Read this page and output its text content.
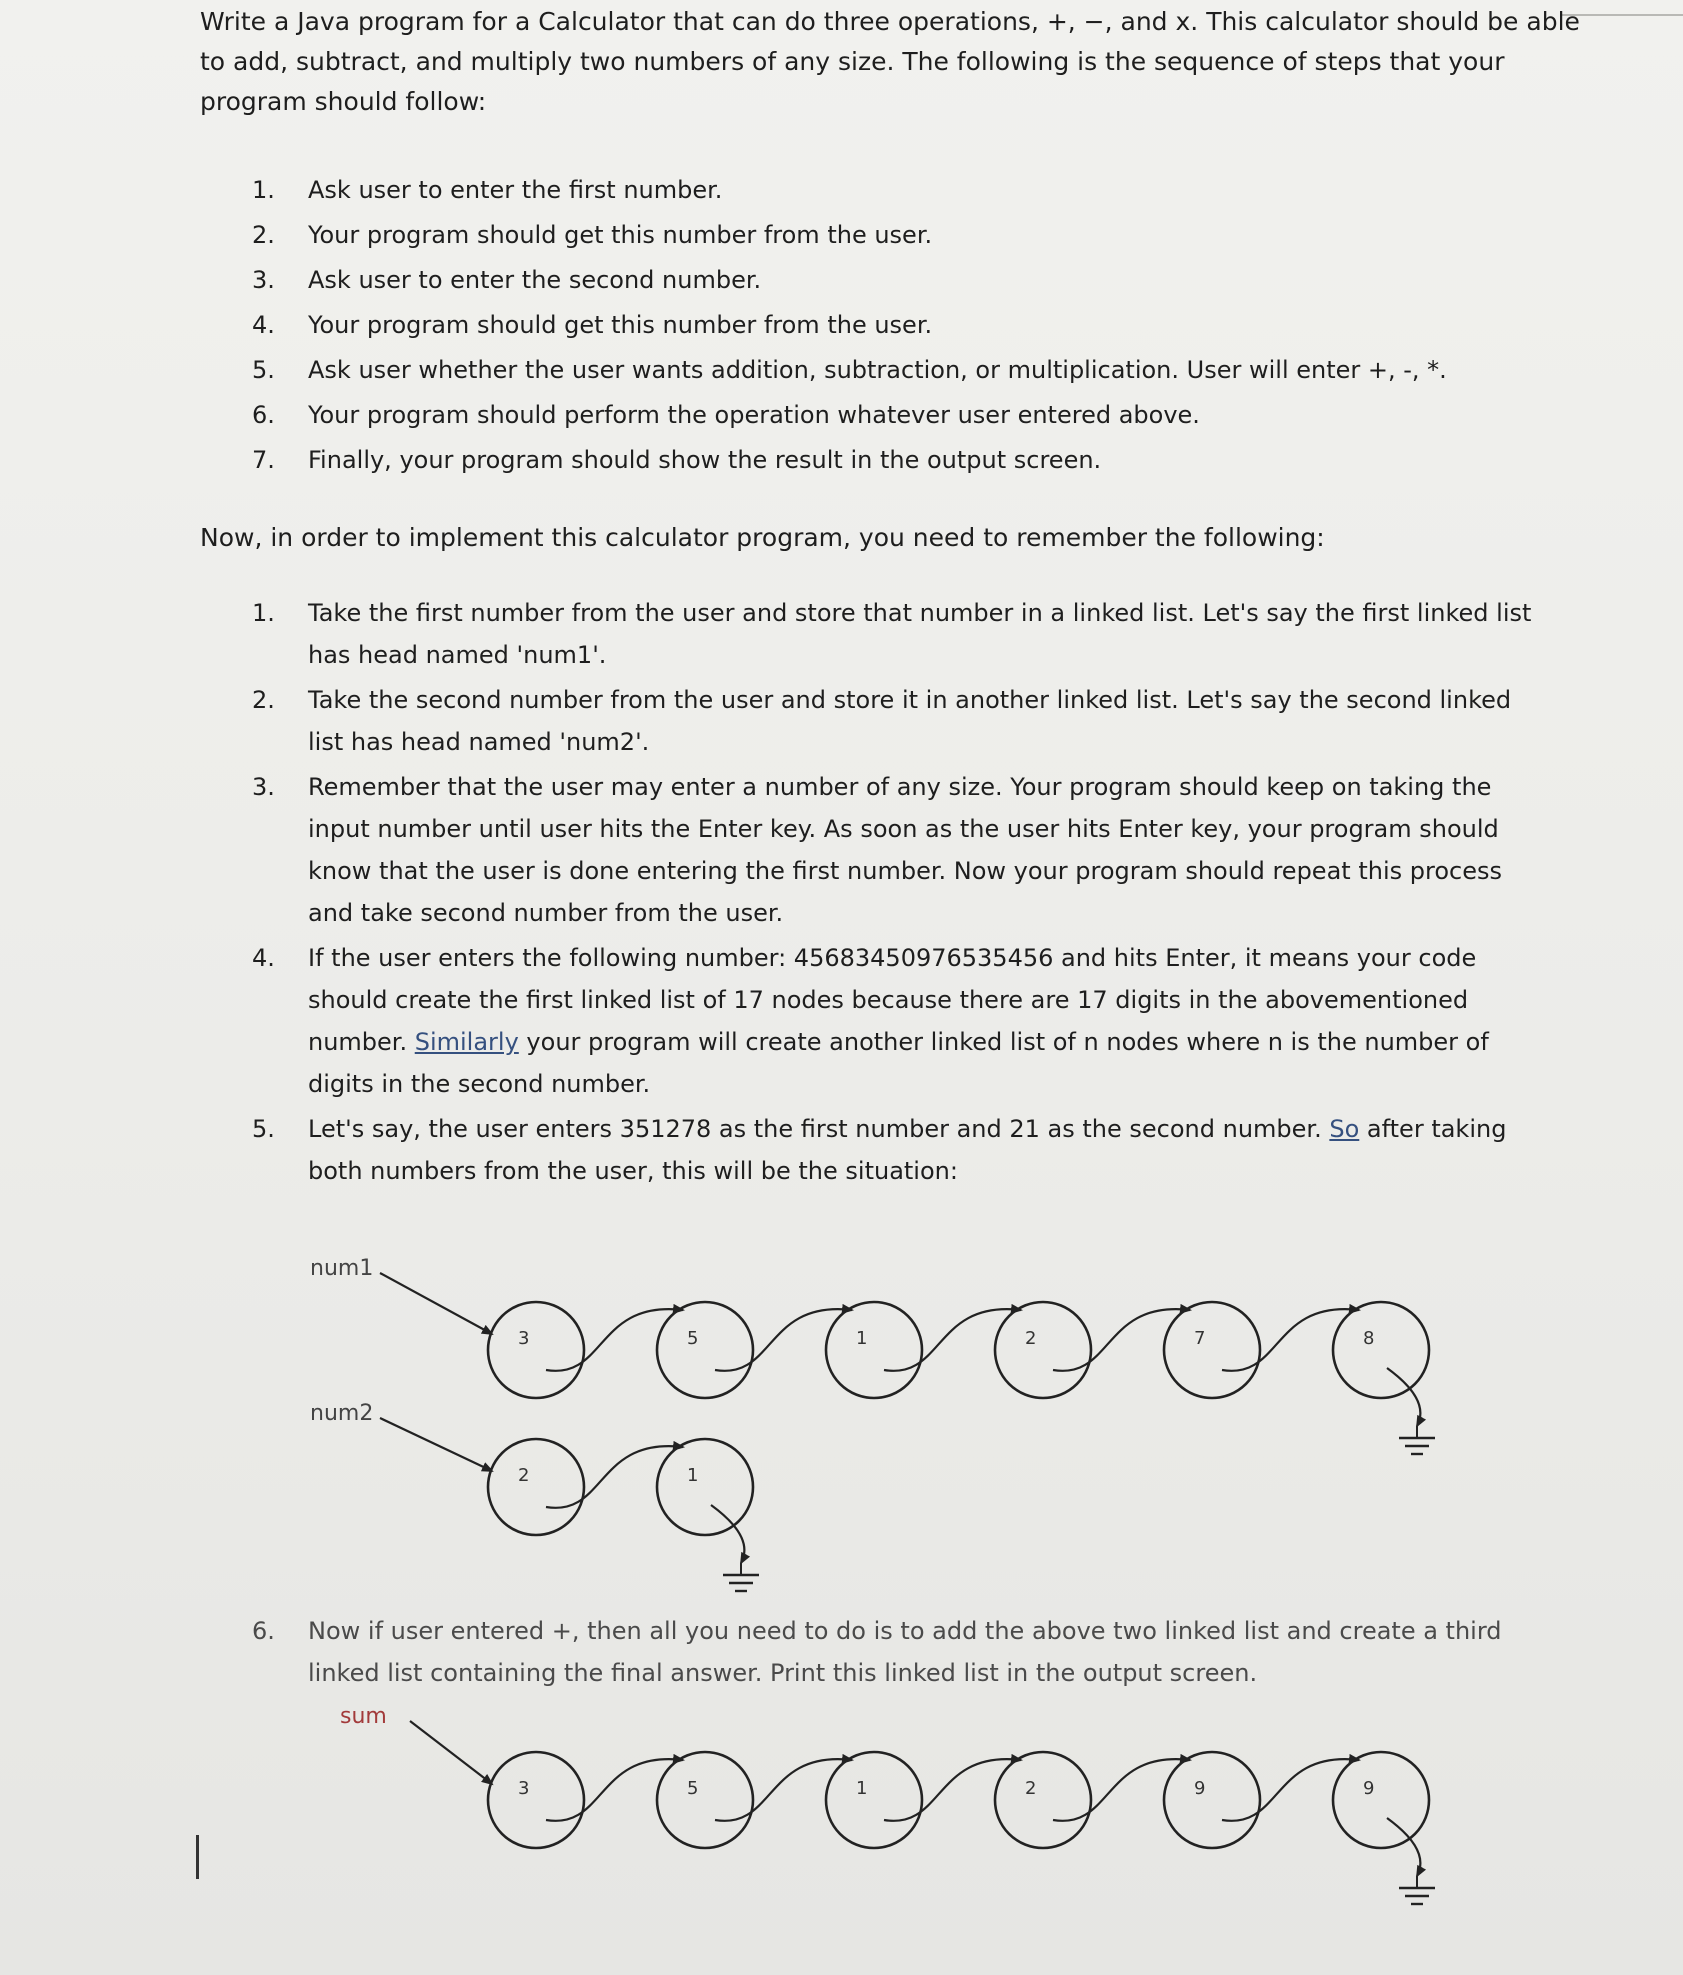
Write a Java program for a Calculator that can do three operations, +, −, and x. This calculator should be able to add, subtract, and multiply two numbers of any size. The following is the sequence of steps that your program should follow:

1. Ask user to enter the first number.
2. Your program should get this number from the user.
3. Ask user to enter the second number.
4. Your program should get this number from the user.
5. Ask user whether the user wants addition, subtraction, or multiplication. User will enter +, -, *.
6. Your program should perform the operation whatever user entered above.
7. Finally, your program should show the result in the output screen.

Now, in order to implement this calculator program, you need to remember the following:

1. Take the first number from the user and store that number in a linked list. Let's say the first linked list has head named 'num1'.
2. Take the second number from the user and store it in another linked list. Let's say the second linked list has head named 'num2'.
3. Remember that the user may enter a number of any size. Your program should keep on taking the input number until user hits the Enter key. As soon as the user hits Enter key, your program should know that the user is done entering the first number. Now your program should repeat this process and take second number from the user.
4. If the user enters the following number: 45683450976535456 and hits Enter, it means your code should create the first linked list of 17 nodes because there are 17 digits in the abovementioned number. Similarly your program will create another linked list of n nodes where n is the number of digits in the second number.
5. Let's say, the user enters 351278 as the first number and 21 as the second number. So after taking both numbers from the user, this will be the situation:
6.	Now if user entered +, then all you need to do is to add the above two linked list and create a third linked list containing the final answer. Print this linked list in the output screen.
num1
3	5	1	2	7	8
num2
2	1
sum
3	5	1	2	9	9
